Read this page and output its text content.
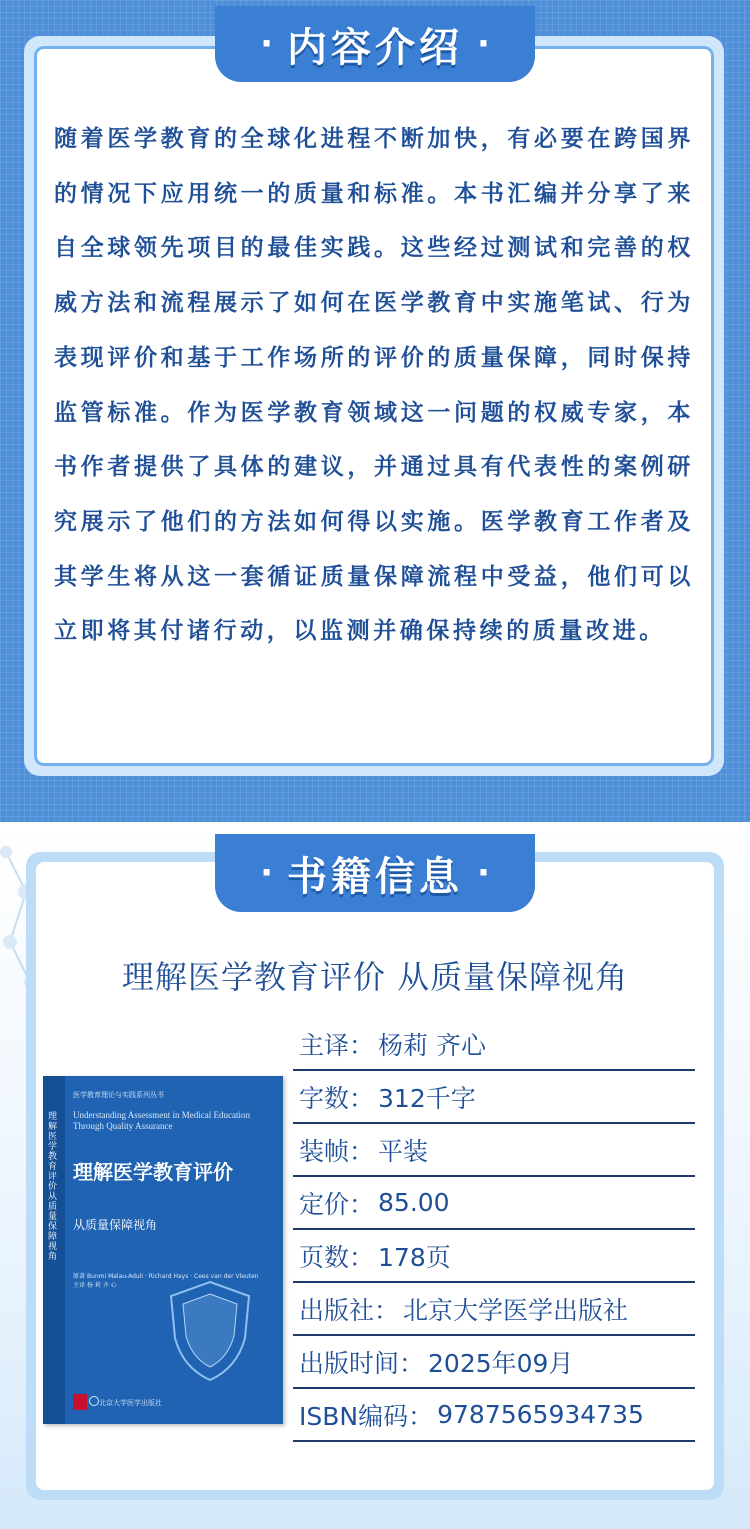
· 内容介绍 ·

随着医学教育的全球化进程不断加快，有必要在跨国界的情况下应用统一的质量和标准。本书汇编并分享了来自全球领先项目的最佳实践。这些经过测试和完善的权威方法和流程展示了如何在医学教育中实施笔试、行为表现评价和基于工作场所的评价的质量保障，同时保持监管标准。作为医学教育领域这一问题的权威专家，本书作者提供了具体的建议，并通过具有代表性的案例研究展示了他们的方法如何得以实施。医学教育工作者及其学生将从这一套循证质量保障流程中受益，他们可以立即将其付诸行动，以监测并确保持续的质量改进。

· 书籍信息 ·
理解医学教育评价 从质量保障视角
理解医学教育评价 从质量保障视角
医学教育理论与实践系列丛书
Understanding Assessment in Medical Education Through Quality Assurance
理解医学教育评价
从质量保障视角
原著 Bunmi Malau-Aduli · Richard Hays · Cees van der Vleuten
主译 杨 莉 齐 心
北京大学医学出版社
主译： 杨莉 齐心
字数： 312千字
装帧： 平装
定价： 85.00
页数： 178页
出版社： 北京大学医学出版社
出版时间： 2025年09月
ISBN编码： 9787565934735
